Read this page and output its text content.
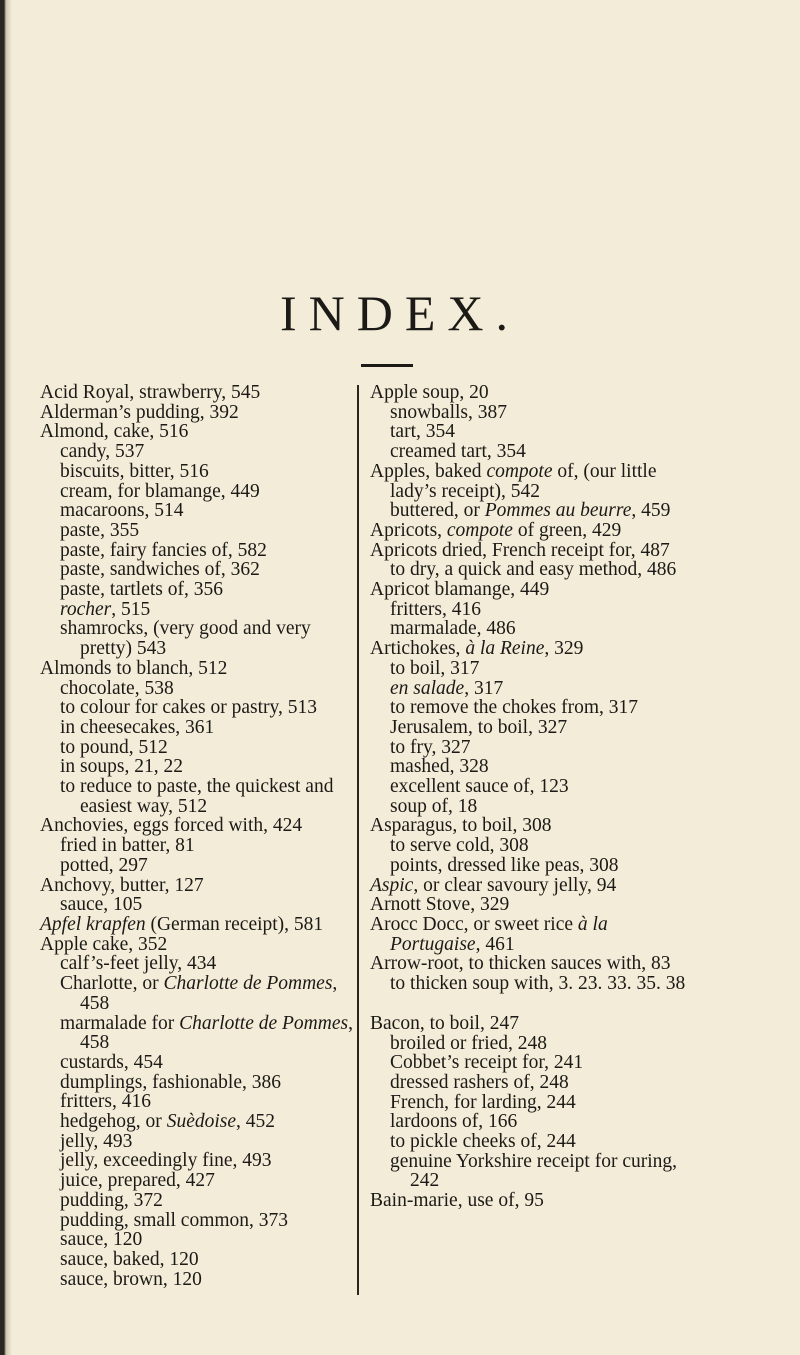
INDEX.
Acid Royal, strawberry, 545
Alderman’s pudding, 392
Almond, cake, 516
candy, 537
biscuits, bitter, 516
cream, for blamange, 449
macaroons, 514
paste, 355
paste, fairy fancies of, 582
paste, sandwiches of, 362
paste, tartlets of, 356
rocher, 515
shamrocks, (very good and very pretty) 543
Almonds to blanch, 512
chocolate, 538
to colour for cakes or pastry, 513
in cheesecakes, 361
to pound, 512
in soups, 21, 22
to reduce to paste, the quickest and easiest way, 512
Anchovies, eggs forced with, 424
fried in batter, 81
potted, 297
Anchovy, butter, 127
sauce, 105
Apfel krapfen (German receipt), 581
Apple cake, 352
calf’s-feet jelly, 434
Charlotte, or Charlotte de Pommes, 458
marmalade for Charlotte de Pommes, 458
custards, 454
dumplings, fashionable, 386
fritters, 416
hedgehog, or Suèdoise, 452
jelly, 493
jelly, exceedingly fine, 493
juice, prepared, 427
pudding, 372
pudding, small common, 373
sauce, 120
sauce, baked, 120
sauce, brown, 120
Apple soup, 20
snowballs, 387
tart, 354
creamed tart, 354
Apples, baked compote of, (our little lady’s receipt), 542
buttered, or Pommes au beurre, 459
Apricots, compote of green, 429
Apricots dried, French receipt for, 487
to dry, a quick and easy method, 486
Apricot blamange, 449
fritters, 416
marmalade, 486
Artichokes, à la Reine, 329
to boil, 317
en salade, 317
to remove the chokes from, 317
Jerusalem, to boil, 327
to fry, 327
mashed, 328
excellent sauce of, 123
soup of, 18
Asparagus, to boil, 308
to serve cold, 308
points, dressed like peas, 308
Aspic, or clear savoury jelly, 94
Arnott Stove, 329
Arocc Docc, or sweet rice à la Portugaise, 461
Arrow-root, to thicken sauces with, 83
to thicken soup with, 3. 23. 33. 35. 38
Bacon, to boil, 247
broiled or fried, 248
Cobbet’s receipt for, 241
dressed rashers of, 248
French, for larding, 244
lardoons of, 166
to pickle cheeks of, 244
genuine Yorkshire receipt for curing, 242
Bain-marie, use of, 95
